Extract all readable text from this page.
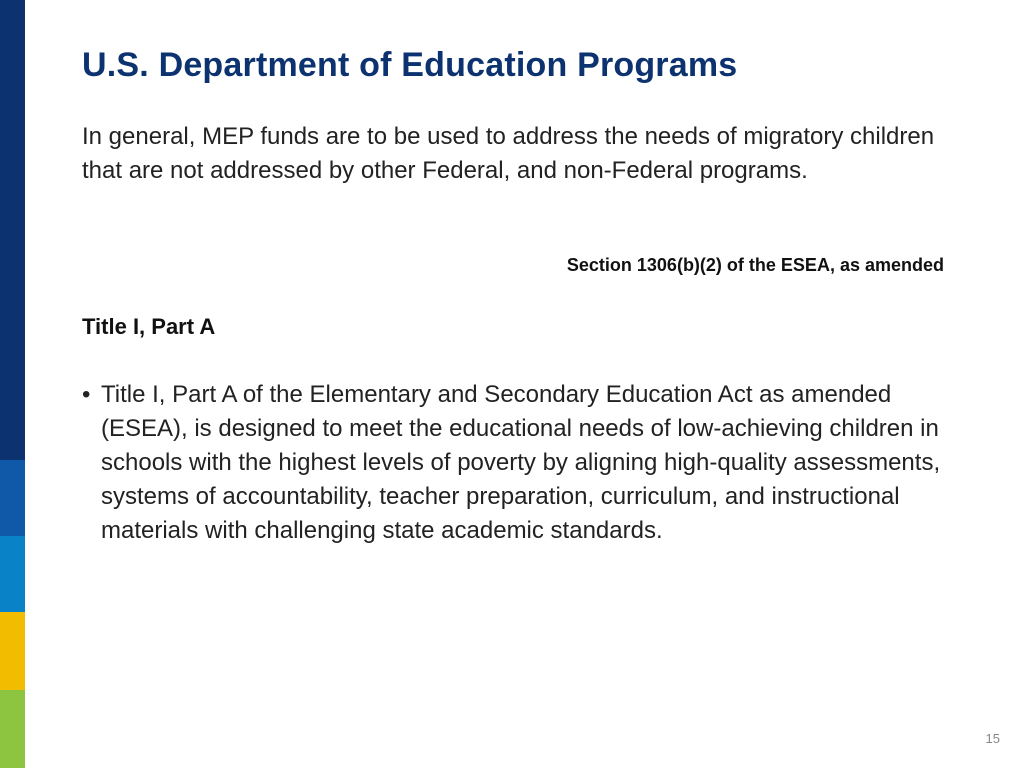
U.S. Department of Education Programs

In general, MEP funds are to be used to address the needs of migratory children that are not addressed by other Federal, and non-Federal programs.

Section 1306(b)(2) of the ESEA, as amended

Title I, Part A
• Title I, Part A of the Elementary and Secondary Education Act as amended (ESEA), is designed to meet the educational needs of low-achieving children in schools with the highest levels of poverty by aligning high-quality assessments, systems of accountability, teacher preparation, curriculum, and instructional materials with challenging state academic standards.
15
